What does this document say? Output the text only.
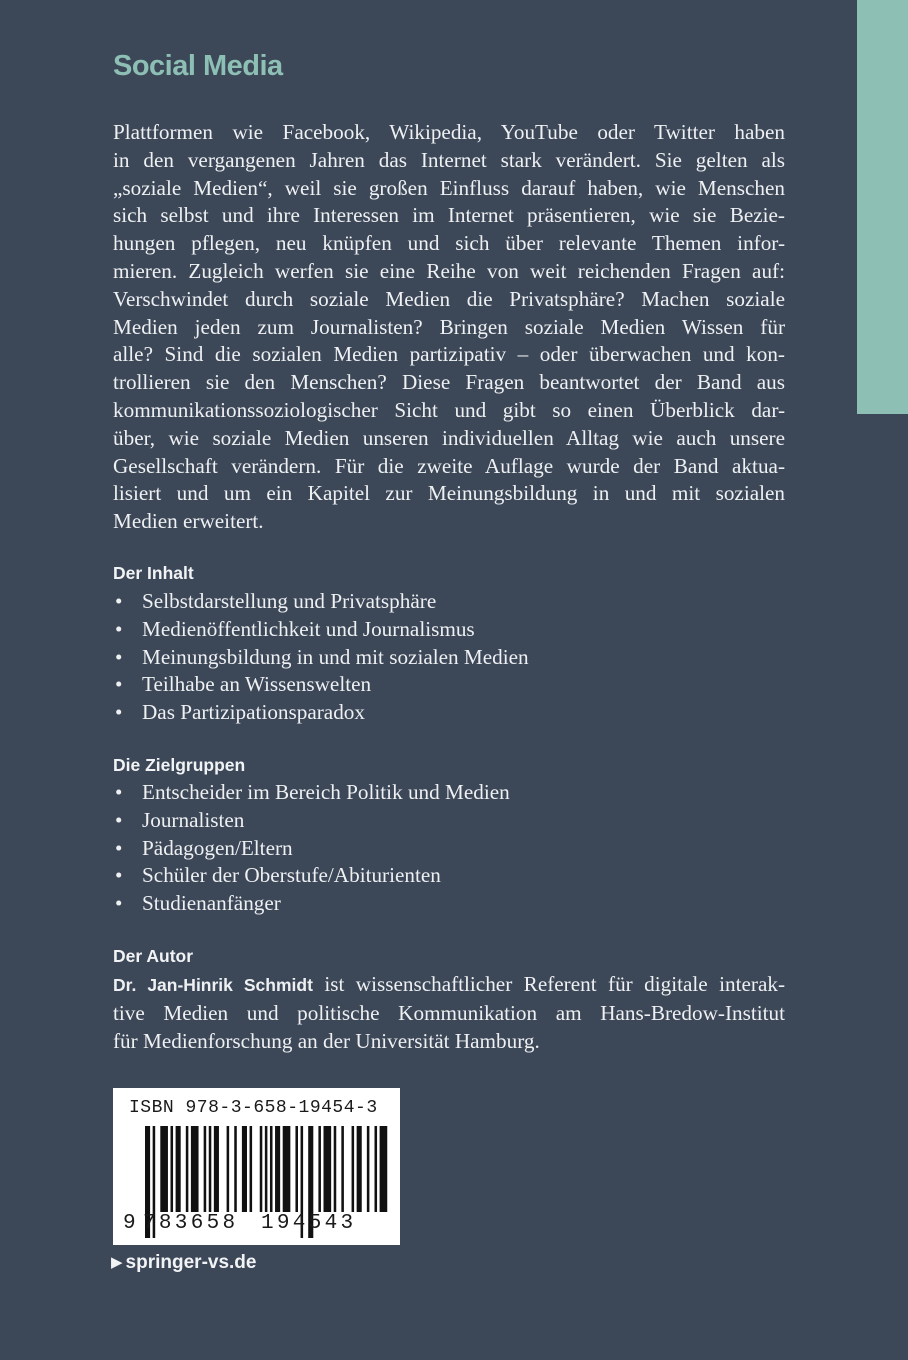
Social Media

Plattformen wie Facebook, Wikipedia, YouTube oder Twitter haben

in den vergangenen Jahren das Internet stark verändert. Sie gelten als

„soziale Medien“, weil sie großen Einfluss darauf haben, wie Menschen

sich selbst und ihre Interessen im Internet präsentieren, wie sie Bezie-

hungen pflegen, neu knüpfen und sich über relevante Themen infor-

mieren. Zugleich werfen sie eine Reihe von weit reichenden Fragen auf:

Verschwindet durch soziale Medien die Privatsphäre? Machen soziale

Medien jeden zum Journalisten? Bringen soziale Medien Wissen für

alle? Sind die sozialen Medien partizipativ – oder überwachen und kon-

trollieren sie den Menschen? Diese Fragen beantwortet der Band aus

kommunikationssoziologischer Sicht und gibt so einen Überblick dar-

über, wie soziale Medien unseren individuellen Alltag wie auch unsere

Gesellschaft verändern. Für die zweite Auflage wurde der Band aktua-

lisiert und um ein Kapitel zur Meinungsbildung in und mit sozialen

Medien erweitert.

Der Inhalt
• Selbstdarstellung und Privatsphäre
• Medienöffentlichkeit und Journalismus
• Meinungsbildung in und mit sozialen Medien
• Teilhabe an Wissenswelten
• Das Partizipationsparadox
Die Zielgruppen
• Entscheider im Bereich Politik und Medien
• Journalisten
• Pädagogen/Eltern
• Schüler der Oberstufe/Abiturienten
• Studienanfänger
Der Autor
Dr. Jan-Hinrik Schmidt ist wissenschaftlicher Referent für digitale interak-
tive Medien und politische Kommunikation am Hans-Bredow-Institut
für Medienforschung an der Universität Hamburg.
ISBN 978-3-658-19454-3
9 783658 194543
▶ springer-vs.de
